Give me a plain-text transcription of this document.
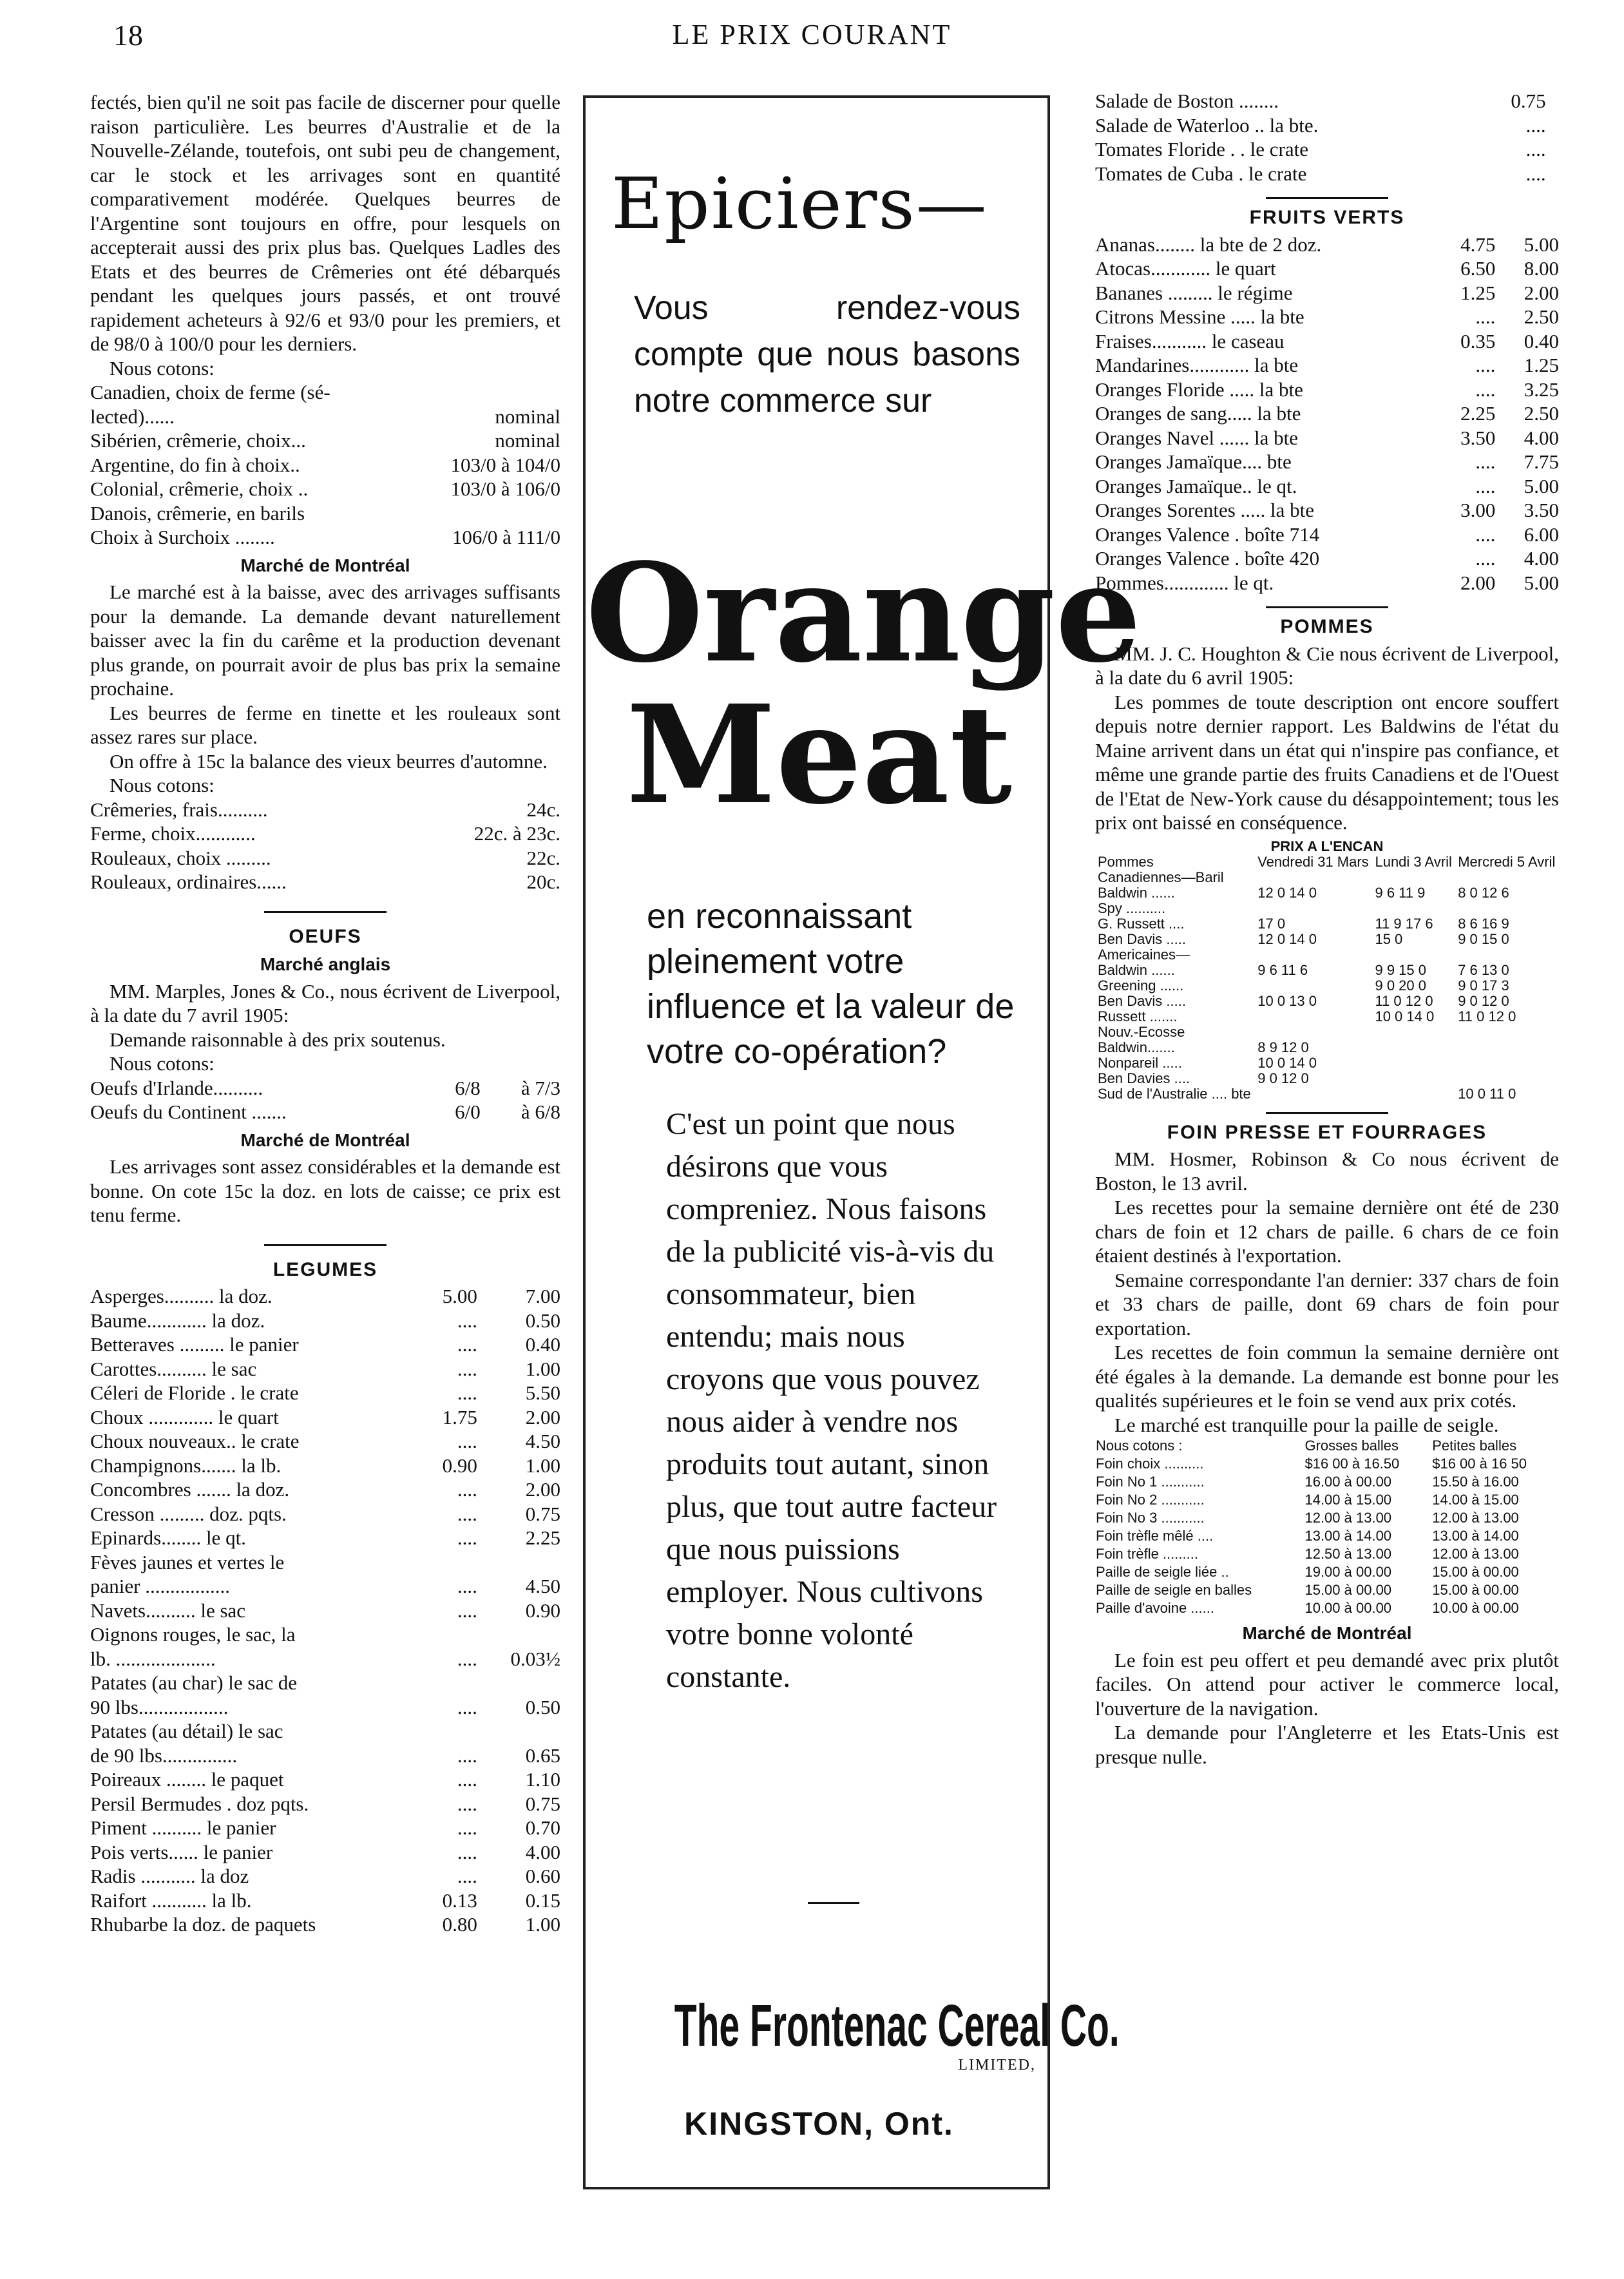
18	LE PRIX COURANT

fectés, bien qu'il ne soit pas facile de discerner pour quelle raison particulière. Les beurres d'Australie et de la Nouvelle-Zélande, toutefois, ont subi peu de changement, car le stock et les arrivages sont en quantité comparativement modérée. Quelques beurres de l'Argentine sont toujours en offre, pour lesquels on accepterait aussi des prix plus bas. Quelques Ladles des Etats et des beurres de Crêmeries ont été débarqués pendant les quelques jours passés, et ont trouvé rapidement acheteurs à 92/6 et 93/0 pour les premiers, et de 98/0 à 100/0 pour les derniers.

Nous cotons:

Canadien, choix de ferme (sé-	
lected)......	nominal
Sibérien, crêmerie, choix...	nominal
Argentine, do fin à choix..	103/0 à 104/0
Colonial, crêmerie, choix ..	103/0 à 106/0
Danois, crêmerie, en barils	
Choix à Surchoix ........	106/0 à 111/0
Marché de Montréal

Le marché est à la baisse, avec des arrivages suffisants pour la demande. La demande devant naturellement baisser avec la fin du carême et la production devenant plus grande, on pourrait avoir de plus bas prix la semaine prochaine.

Les beurres de ferme en tinette et les rouleaux sont assez rares sur place.

On offre à 15c la balance des vieux beurres d'automne.

Nous cotons:

Crêmeries, frais..........	24c.
Ferme, choix............	22c. à 23c.
Rouleaux, choix .........	22c.
Rouleaux, ordinaires......	20c.
OEUFS
Marché anglais

MM. Marples, Jones & Co., nous écrivent de Liverpool, à la date du 7 avril 1905:

Demande raisonnable à des prix soutenus.

Nous cotons:

Oeufs d'Irlande..........	6/8	à 7/3
Oeufs du Continent .......	6/0	à 6/8
Marché de Montréal

Les arrivages sont assez considérables et la demande est bonne. On cote 15c la doz. en lots de caisse; ce prix est tenu ferme.

LEGUMES
Asperges.......... la doz.	5.00	7.00
Baume............ la doz.	....	0.50
Betteraves ......... le panier	....	0.40
Carottes.......... le sac	....	1.00
Céleri de Floride . le crate	....	5.50
Choux ............. le quart	1.75	2.00
Choux nouveaux.. le crate	....	4.50
Champignons....... la lb.	0.90	1.00
Concombres ....... la doz.	....	2.00
Cresson ......... doz. pqts.	....	0.75
Epinards........ le qt.	....	2.25
Fèves jaunes et vertes le		
panier .................	....	4.50
Navets.......... le sac	....	0.90
Oignons rouges, le sac, la		
lb. ....................	....	0.03½
Patates (au char) le sac de		
90 lbs..................	....	0.50
Patates (au détail) le sac		
de 90 lbs...............	....	0.65
Poireaux ........ le paquet	....	1.10
Persil Bermudes . doz pqts.	....	0.75
Piment .......... le panier	....	0.70
Pois verts...... le panier	....	4.00
Radis ........... la doz	....	0.60
Raifort ........... la lb.	0.13	0.15
Rhubarbe la doz. de paquets	0.80	1.00
Epiciers—
Vous rendez-vous compte que nous basons notre commerce sur
Orange
Meat
en reconnaissant pleinement votre influence et la valeur de votre co-opération?
C'est un point que nous désirons que vous compreniez. Nous faisons de la publicité vis-à-vis du consommateur, bien entendu; mais nous croyons que vous pouvez nous aider à vendre nos produits tout autant, sinon plus, que tout autre facteur que nous puissions employer. Nous cultivons votre bonne volonté constante.
The Frontenac Cereal Co.
LIMITED,
KINGSTON, Ont.
Salade de Boston ........	0.75	
Salade de Waterloo .. la bte.	....	
Tomates Floride . . le crate	....	
Tomates de Cuba . le crate	....	
FRUITS VERTS
Ananas........ la bte de 2 doz.	4.75	5.00
Atocas............ le quart	6.50	8.00
Bananes ......... le régime	1.25	2.00
Citrons Messine ..... la bte	....	2.50
Fraises........... le caseau	0.35	0.40
Mandarines............ la bte	....	1.25
Oranges Floride ..... la bte	....	3.25
Oranges de sang..... la bte	2.25	2.50
Oranges Navel ...... la bte	3.50	4.00
Oranges Jamaïque.... bte	....	7.75
Oranges Jamaïque.. le qt.	....	5.00
Oranges Sorentes ..... la bte	3.00	3.50
Oranges Valence . boîte 714	....	6.00
Oranges Valence . boîte 420	....	4.00
Pommes............. le qt.	2.00	5.00
POMMES

MM. J. C. Houghton & Cie nous écrivent de Liverpool, à la date du 6 avril 1905:

Les pommes de toute description ont encore souffert depuis notre dernier rapport. Les Baldwins de l'état du Maine arrivent dans un état qui n'inspire pas confiance, et même une grande partie des fruits Canadiens et de l'Ouest de l'Etat de New-York cause du désappointement; tous les prix ont baissé en conséquence.

PRIX A L'ENCAN
Pommes	Vendredi 31 Mars	Lundi 3 Avril	Mercredi 5 Avril
Canadiennes—Baril			
Baldwin ......	12 0 14 0	9 6 11 9	8 0 12 6
Spy ..........			
G. Russett ....	17 0	11 9 17 6	8 6 16 9
Ben Davis .....	12 0 14 0	15 0	9 0 15 0
Americaines—			
Baldwin ......	9 6 11 6	9 9 15 0	7 6 13 0
Greening ......		9 0 20 0	9 0 17 3
Ben Davis .....	10 0 13 0	11 0 12 0	9 0 12 0
Russett .......		10 0 14 0	11 0 12 0
Nouv.-Ecosse			
Baldwin.......	8 9 12 0		
Nonpareil .....	10 0 14 0		
Ben Davies ....	9 0 12 0		
Sud de l'Australie .... bte			10 0 11 0
FOIN PRESSE ET FOURRAGES

MM. Hosmer, Robinson & Co nous écrivent de Boston, le 13 avril.

Les recettes pour la semaine dernière ont été de 230 chars de foin et 12 chars de paille. 6 chars de ce foin étaient destinés à l'exportation.

Semaine correspondante l'an dernier: 337 chars de foin et 33 chars de paille, dont 69 chars de foin pour exportation.

Les recettes de foin commun la semaine dernière ont été égales à la demande. La demande est bonne pour les qualités supérieures et le foin se vend aux prix cotés.

Le marché est tranquille pour la paille de seigle.

Nous cotons :	Grosses balles	Petites balles
Foin choix ..........	$16 00 à 16.50	$16 00 à 16 50
Foin No 1 ...........	16.00 à 00.00	15.50 à 16.00
Foin No 2 ...........	14.00 à 15.00	14.00 à 15.00
Foin No 3 ...........	12.00 à 13.00	12.00 à 13.00
Foin trèfle mêlé ....	13.00 à 14.00	13.00 à 14.00
Foin trèfle .........	12.50 à 13.00	12.00 à 13.00
Paille de seigle liée ..	19.00 à 00.00	15.00 à 00.00
Paille de seigle en balles	15.00 à 00.00	15.00 à 00.00
Paille d'avoine ......	10.00 à 00.00	10.00 à 00.00
Marché de Montréal

Le foin est peu offert et peu demandé avec prix plutôt faciles. On attend pour activer le commerce local, l'ouverture de la navigation.

La demande pour l'Angleterre et les Etats-Unis est presque nulle.
